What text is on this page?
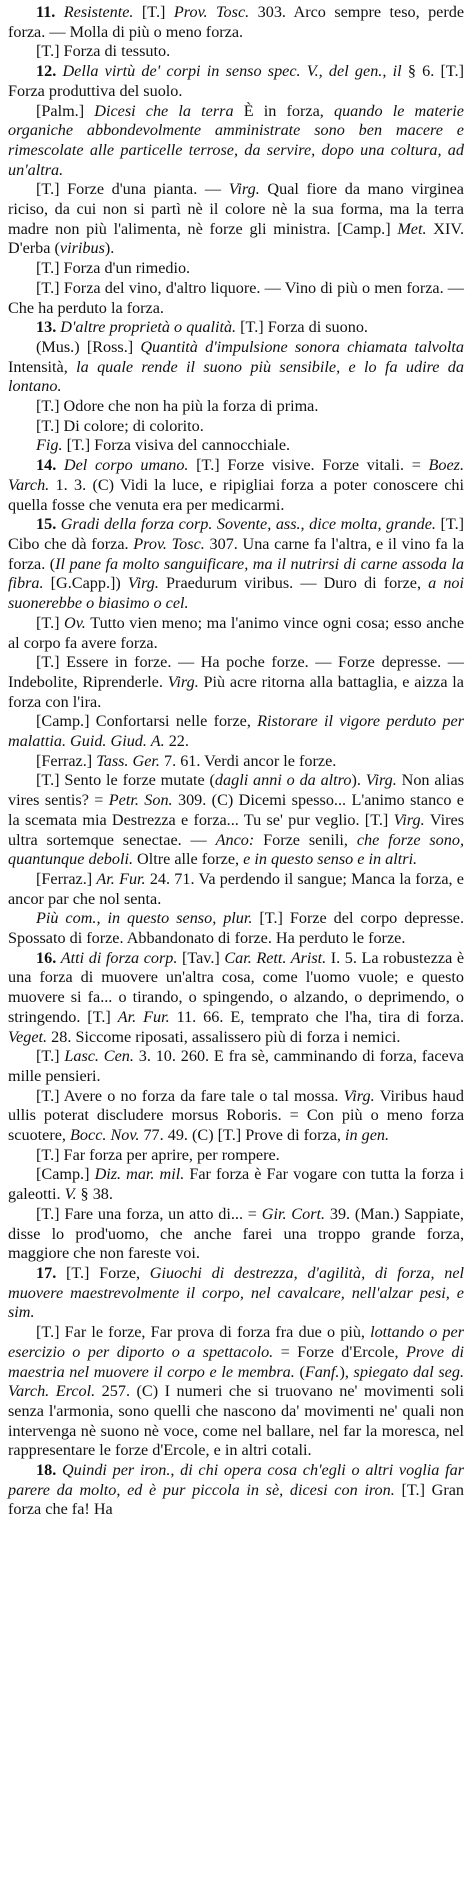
11. Resistente. [T.] Prov. Tosc. 303. Arco sempre teso, perde forza. — Molla di più o meno forza.

[T.] Forza di tessuto.

12. Della virtù de' corpi in senso spec. V., del gen., il § 6. [T.] Forza produttiva del suolo.

[Palm.] Dicesi che la terra È in forza, quando le materie organiche abbondevolmente amministrate sono ben macere e rimescolate alle particelle terrose, da servire, dopo una coltura, ad un'altra.

[T.] Forze d'una pianta. — Virg. Qual fiore da mano virginea riciso, da cui non si partì nè il colore nè la sua forma, ma la terra madre non più l'alimenta, nè forze gli ministra. [Camp.] Met. XIV. D'erba (viribus).

[T.] Forza d'un rimedio.

[T.] Forza del vino, d'altro liquore. — Vino di più o men forza. — Che ha perduto la forza.

13. D'altre proprietà o qualità. [T.] Forza di suono.

(Mus.) [Ross.] Quantità d'impulsione sonora chiamata talvolta Intensità, la quale rende il suono più sensibile, e lo fa udire da lontano.

[T.] Odore che non ha più la forza di prima.

[T.] Di colore; di colorito.

Fig. [T.] Forza visiva del cannocchiale.

14. Del corpo umano. [T.] Forze visive. Forze vitali. = Boez. Varch. 1. 3. (C) Vidi la luce, e ripigliai forza a poter conoscere chi quella fosse che venuta era per medicarmi.

15. Gradi della forza corp. Sovente, ass., dice molta, grande. [T.] Cibo che dà forza. Prov. Tosc. 307. Una carne fa l'altra, e il vino fa la forza. (Il pane fa molto sanguificare, ma il nutrirsi di carne assoda la fibra. [G.Capp.]) Virg. Praedurum viribus. — Duro di forze, a noi suonerebbe o biasimo o cel.

[T.] Ov. Tutto vien meno; ma l'animo vince ogni cosa; esso anche al corpo fa avere forza.

[T.] Essere in forze. — Ha poche forze. — Forze depresse. — Indebolite, Riprenderle. Virg. Più acre ritorna alla battaglia, e aizza la forza con l'ira.

[Camp.] Confortarsi nelle forze, Ristorare il vigore perduto per malattia. Guid. Giud. A. 22.

[Ferraz.] Tass. Ger. 7. 61. Verdi ancor le forze.

[T.] Sento le forze mutate (dagli anni o da altro). Virg. Non alias vires sentis? = Petr. Son. 309. (C) Dicemi spesso... L'animo stanco e la scemata mia Destrezza e forza... Tu se' pur veglio. [T.] Virg. Vires ultra sortemque senectae. — Anco: Forze senili, che forze sono, quantunque deboli. Oltre alle forze, e in questo senso e in altri.

[Ferraz.] Ar. Fur. 24. 71. Va perdendo il sangue; Manca la forza, e ancor par che nol senta.

Più com., in questo senso, plur. [T.] Forze del corpo depresse. Spossato di forze. Abbandonato di forze. Ha perduto le forze.

16. Atti di forza corp. [Tav.] Car. Rett. Arist. I. 5. La robustezza è una forza di muovere un'altra cosa, come l'uomo vuole; e questo muovere si fa... o tirando, o spingendo, o alzando, o deprimendo, o stringendo. [T.] Ar. Fur. 11. 66. E, temprato che l'ha, tira di forza. Veget. 28. Siccome riposati, assalissero più di forza i nemici.

[T.] Lasc. Cen. 3. 10. 260. E fra sè, camminando di forza, faceva mille pensieri.

[T.] Avere o no forza da fare tale o tal mossa. Virg. Viribus haud ullis poterat discludere morsus Roboris. = Con più o meno forza scuotere, Bocc. Nov. 77. 49. (C) [T.] Prove di forza, in gen.

[T.] Far forza per aprire, per rompere.

[Camp.] Diz. mar. mil. Far forza è Far vogare con tutta la forza i galeotti. V. § 38.

[T.] Fare una forza, un atto di... = Gir. Cort. 39. (Man.) Sappiate, disse lo prod'uomo, che anche farei una troppo grande forza, maggiore che non fareste voi.

17. [T.] Forze, Giuochi di destrezza, d'agilità, di forza, nel muovere maestrevolmente il corpo, nel cavalcare, nell'alzar pesi, e sim.

[T.] Far le forze, Far prova di forza fra due o più, lottando o per esercizio o per diporto o a spettacolo. = Forze d'Ercole, Prove di maestria nel muovere il corpo e le membra. (Fanf.), spiegato dal seg. Varch. Ercol. 257. (C) I numeri che si truovano ne' movimenti soli senza l'armonia, sono quelli che nascono da' movimenti ne' quali non intervenga nè suono nè voce, come nel ballare, nel far la moresca, nel rappresentare le forze d'Ercole, e in altri cotali.

18. Quindi per iron., di chi opera cosa ch'egli o altri voglia far parere da molto, ed è pur piccola in sè, dicesi con iron. [T.] Gran forza che fa! Ha
